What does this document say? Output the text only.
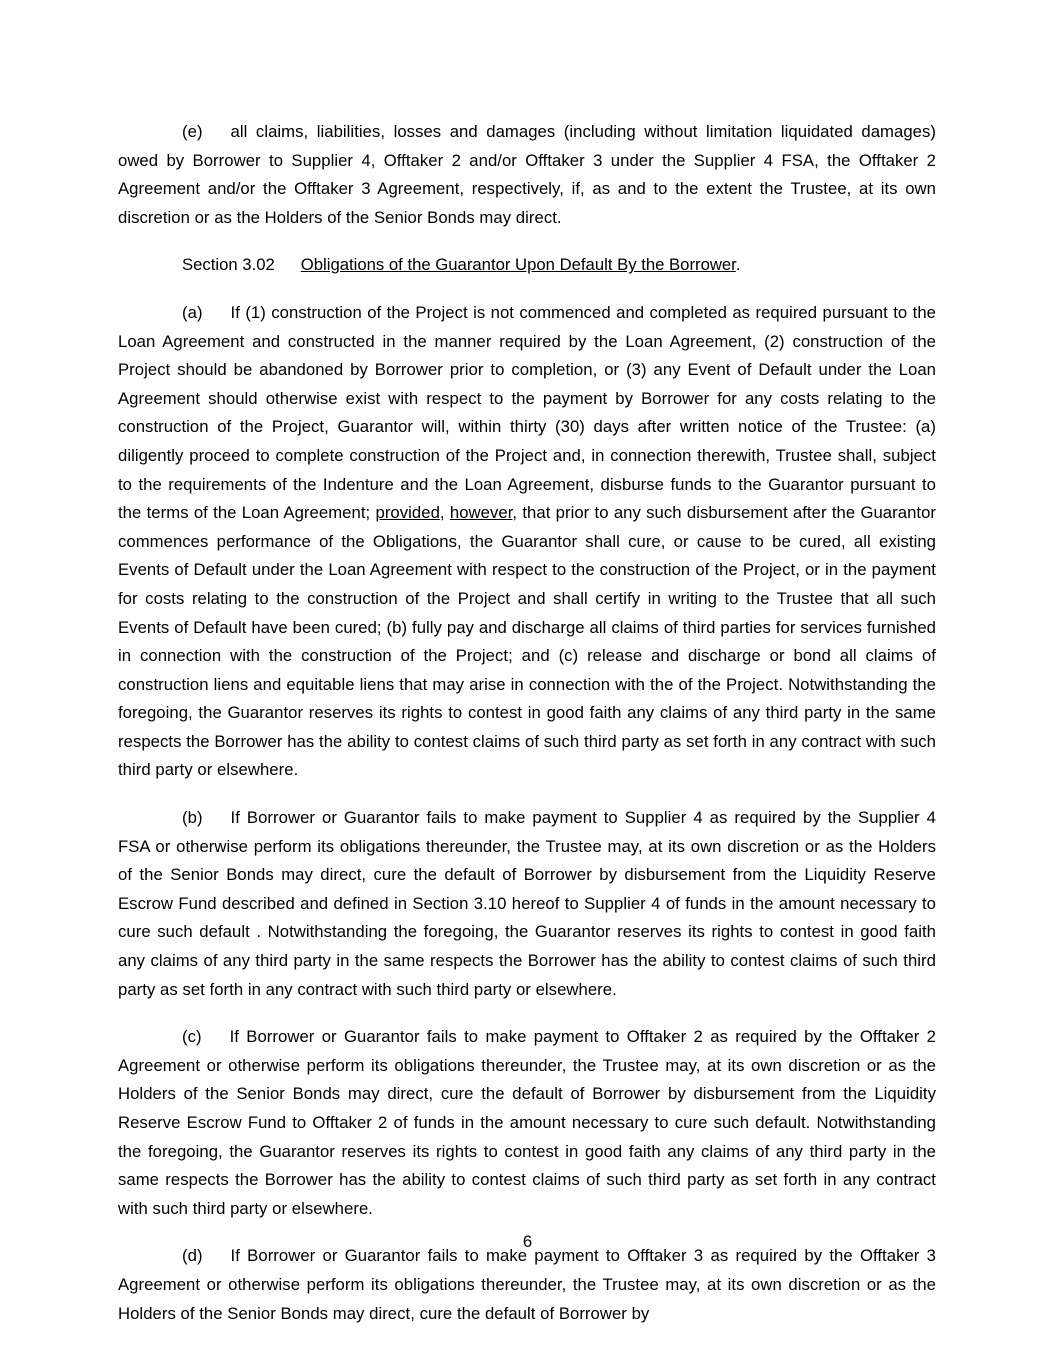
(e) all claims, liabilities, losses and damages (including without limitation liquidated damages) owed by Borrower to Supplier 4, Offtaker 2 and/or Offtaker 3 under the Supplier 4 FSA, the Offtaker 2 Agreement and/or the Offtaker 3 Agreement, respectively, if, as and to the extent the Trustee, at its own discretion or as the Holders of the Senior Bonds may direct.

Section 3.02 Obligations of the Guarantor Upon Default By the Borrower.

(a) If (1) construction of the Project is not commenced and completed as required pursuant to the Loan Agreement and constructed in the manner required by the Loan Agreement, (2) construction of the Project should be abandoned by Borrower prior to completion, or (3) any Event of Default under the Loan Agreement should otherwise exist with respect to the payment by Borrower for any costs relating to the construction of the Project, Guarantor will, within thirty (30) days after written notice of the Trustee: (a) diligently proceed to complete construction of the Project and, in connection therewith, Trustee shall, subject to the requirements of the Indenture and the Loan Agreement, disburse funds to the Guarantor pursuant to the terms of the Loan Agreement; provided, however, that prior to any such disbursement after the Guarantor commences performance of the Obligations, the Guarantor shall cure, or cause to be cured, all existing Events of Default under the Loan Agreement with respect to the construction of the Project, or in the payment for costs relating to the construction of the Project and shall certify in writing to the Trustee that all such Events of Default have been cured; (b) fully pay and discharge all claims of third parties for services furnished in connection with the construction of the Project; and (c) release and discharge or bond all claims of construction liens and equitable liens that may arise in connection with the of the Project. Notwithstanding the foregoing, the Guarantor reserves its rights to contest in good faith any claims of any third party in the same respects the Borrower has the ability to contest claims of such third party as set forth in any contract with such third party or elsewhere.

(b) If Borrower or Guarantor fails to make payment to Supplier 4 as required by the Supplier 4 FSA or otherwise perform its obligations thereunder, the Trustee may, at its own discretion or as the Holders of the Senior Bonds may direct, cure the default of Borrower by disbursement from the Liquidity Reserve Escrow Fund described and defined in Section 3.10 hereof to Supplier 4 of funds in the amount necessary to cure such default . Notwithstanding the foregoing, the Guarantor reserves its rights to contest in good faith any claims of any third party in the same respects the Borrower has the ability to contest claims of such third party as set forth in any contract with such third party or elsewhere.

(c) If Borrower or Guarantor fails to make payment to Offtaker 2 as required by the Offtaker 2 Agreement or otherwise perform its obligations thereunder, the Trustee may, at its own discretion or as the Holders of the Senior Bonds may direct, cure the default of Borrower by disbursement from the Liquidity Reserve Escrow Fund to Offtaker 2 of funds in the amount necessary to cure such default. Notwithstanding the foregoing, the Guarantor reserves its rights to contest in good faith any claims of any third party in the same respects the Borrower has the ability to contest claims of such third party as set forth in any contract with such third party or elsewhere.

(d) If Borrower or Guarantor fails to make payment to Offtaker 3 as required by the Offtaker 3 Agreement or otherwise perform its obligations thereunder, the Trustee may, at its own discretion or as the Holders of the Senior Bonds may direct, cure the default of Borrower by

6
